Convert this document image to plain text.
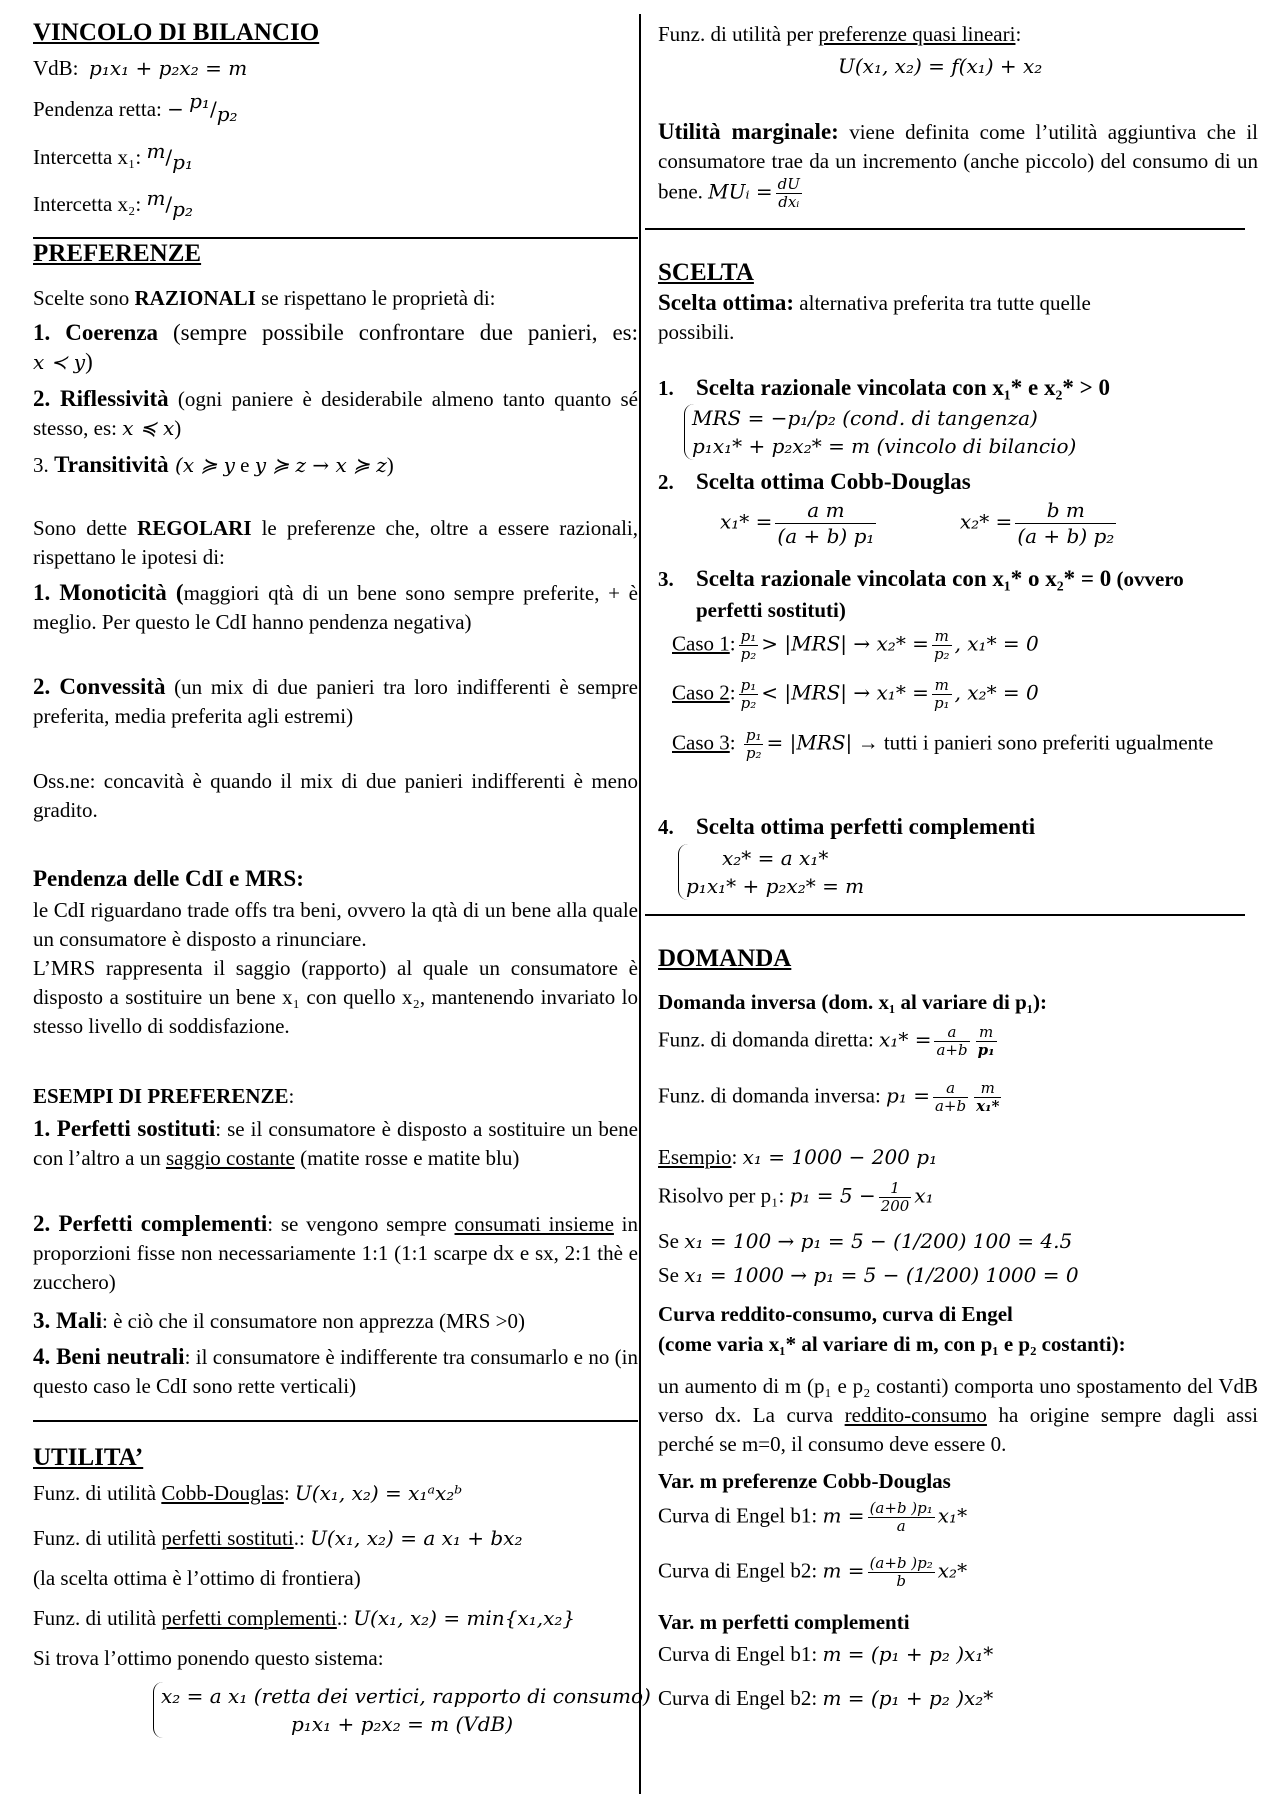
VINCOLO DI BILANCIO
VdB: p₁x₁ + p₂x₂ = m
Pendenza retta: − p₁/p₂
Intercetta x₁: m/p₁
Intercetta x₂: m/p₂
PREFERENZE
Scelte sono RAZIONALI se rispettano le proprietà di:
1. Coerenza (sempre possibile confrontare due panieri, es: x ≺ y)
2. Riflessività (ogni paniere è desiderabile almeno tanto quanto sé stesso, es: x ≼ x)
3. Transitività (x ≽ y e y ≽ z → x ≽ z)
Sono dette REGOLARI le preferenze che, oltre a essere razionali, rispettano le ipotesi di:
1. Monoticità (maggiori qtà di un bene sono sempre preferite, + è meglio. Per questo le CdI hanno pendenza negativa)
2. Convessità (un mix di due panieri tra loro indifferenti è sempre preferita, media preferita agli estremi)
Oss.ne: concavità è quando il mix di due panieri indifferenti è meno gradito.
Pendenza delle CdI e MRS:
le CdI riguardano trade offs tra beni, ovvero la qtà di un bene alla quale un consumatore è disposto a rinunciare.
L’MRS rappresenta il saggio (rapporto) al quale un consumatore è disposto a sostituire un bene x₁ con quello x₂, mantenendo invariato lo stesso livello di soddisfazione.
ESEMPI DI PREFERENZE:
1. Perfetti sostituti: se il consumatore è disposto a sostituire un bene con l’altro a un saggio costante (matite rosse e matite blu)
2. Perfetti complementi: se vengono sempre consumati insieme in proporzioni fisse non necessariamente 1:1 (1:1 scarpe dx e sx, 2:1 thè e zucchero)
3. Mali: è ciò che il consumatore non apprezza (MRS >0)
4. Beni neutrali: il consumatore è indifferente tra consumarlo e no (in questo caso le CdI sono rette verticali)
UTILITA’
Funz. di utilità Cobb-Douglas: U(x₁, x₂) = x₁ᵃx₂ᵇ
Funz. di utilità perfetti sostituti.: U(x₁, x₂) = a x₁ + bx₂
(la scelta ottima è l’ottimo di frontiera)
Funz. di utilità perfetti complementi.: U(x₁, x₂) = min{x₁,x₂}
Si trova l’ottimo ponendo questo sistema:
x₂ = a x₁ (retta dei vertici, rapporto di consumo)
p₁x₁ + p₂x₂ = m (VdB)
Funz. di utilità per preferenze quasi lineari:
U(x₁, x₂) = f(x₁) + x₂
Utilità marginale: viene definita come l’utilità aggiuntiva che il consumatore trae da un incremento (anche piccolo) del consumo di un bene. MUᵢ = $\frac{dU}{\text{dxᵢ}}$
SCELTA
Scelta ottima: alternativa preferita tra tutte quelle possibili.
1. Scelta razionale vincolata con x₁* e x₂* > 0
MRS = −p₁/p₂ (cond. di tangenza)
p₁x₁* + p₂x₂* = m (vincolo di bilancio)
2. Scelta ottima Cobb-Douglas
$x_1* = \frac{\text{a m}}{\text{(a + b) p₁}}$	$x_2* = \frac{\text{b m}}{\text{(a + b) p₂}}$
3. Scelta razionale vincolata con x₁* o x₂* = 0 (ovvero
perfetti sostituti)
Caso 1: $\frac{\text{p₁}}{\text{p₂}} > |MRS| \to x_2* = \frac{m}{\text{p₂}}$ , x₁* = 0
Caso 2: $\frac{\text{p₁}}{\text{p₂}} < |MRS| \to x_1* = \frac{m}{\text{p₁}}$ , x₂* = 0
Caso 3: $\frac{\text{p₁}}{\text{p₂}} = |MRS|$ → tutti i panieri sono preferiti ugualmente
4. Scelta ottima perfetti complementi
x₂* = a x₁*
p₁x₁* + p₂x₂* = m
DOMANDA
Domanda inversa (dom. x₁ al variare di p₁):
Funz. di domanda diretta: $x_1* = \frac{a}{a+b} \frac{m}{\text{p₁}}$
Funz. di domanda inversa: $p_1 = \frac{a}{a+b} \frac{m}{\text{x₁*}}$
Esempio: x₁ = 1000 − 200 p₁
Risolvo per p₁: $p_1 = 5 - \frac{1}{200} x_1$
Se x₁ = 100 → p₁ = 5 − (1/200) 100 = 4.5
Se x₁ = 1000 → p₁ = 5 − (1/200) 1000 = 0
Curva reddito-consumo, curva di Engel
(come varia x₁* al variare di m, con p₁ e p₂ costanti):
un aumento di m (p₁ e p₂ costanti) comporta uno spostamento del VdB verso dx. La curva reddito-consumo ha origine sempre dagli assi perché se m=0, il consumo deve essere 0.
Var. m preferenze Cobb-Douglas
Curva di Engel b1: $m = \frac{\text{(a+b )p₁}}{a} x_1*$
Curva di Engel b2: $m = \frac{\text{(a+b )p₂}}{b} x_2*$
Var. m perfetti complementi
Curva di Engel b1: m = (p₁ + p₂ )x₁*
Curva di Engel b2: m = (p₁ + p₂ )x₂*
